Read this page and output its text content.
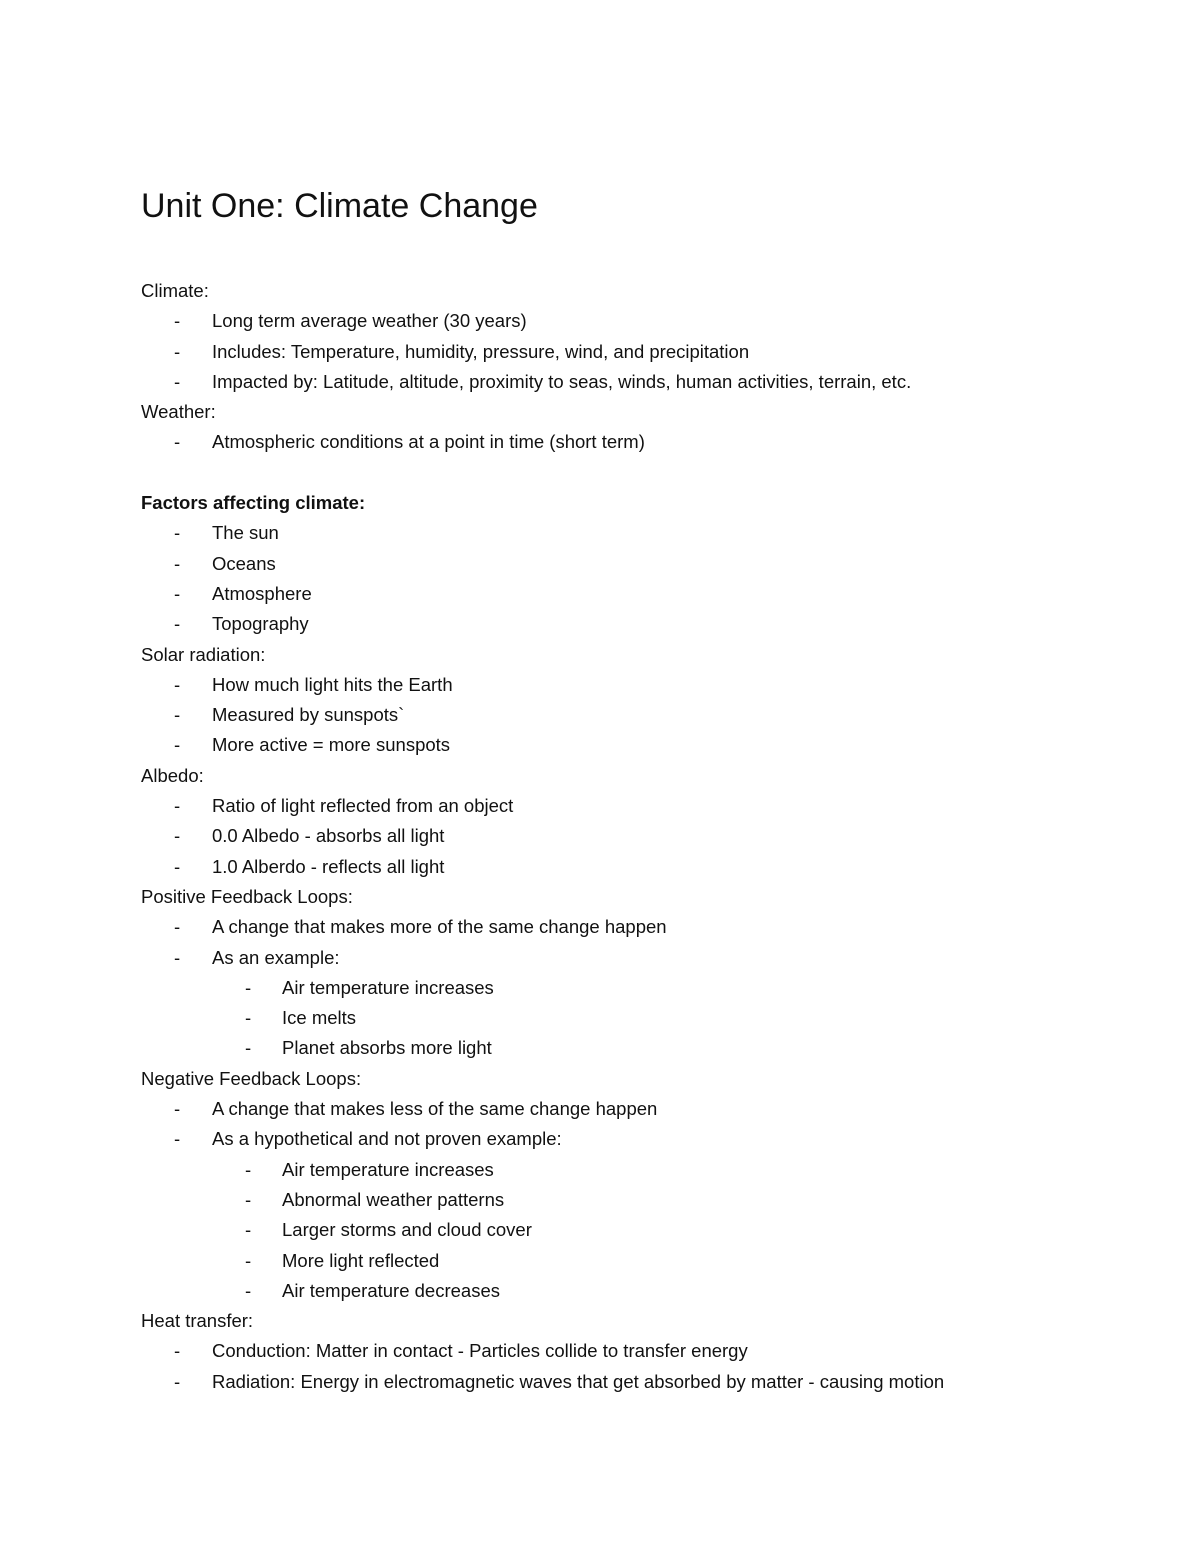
Unit One: Climate Change
Climate:
- Long term average weather (30 years)
- Includes: Temperature, humidity, pressure, wind, and precipitation
- Impacted by: Latitude, altitude, proximity to seas, winds, human activities, terrain, etc.
Weather:
- Atmospheric conditions at a point in time (short term)
Factors affecting climate:
- The sun
- Oceans
- Atmosphere
- Topography
Solar radiation:
- How much light hits the Earth
- Measured by sunspots`
- More active = more sunspots
Albedo:
- Ratio of light reflected from an object
- 0.0 Albedo - absorbs all light
- 1.0 Alberdo - reflects all light
Positive Feedback Loops:
- A change that makes more of the same change happen
- As an example:
- Air temperature increases
- Ice melts
- Planet absorbs more light
Negative Feedback Loops:
- A change that makes less of the same change happen
- As a hypothetical and not proven example:
- Air temperature increases
- Abnormal weather patterns
- Larger storms and cloud cover
- More light reflected
- Air temperature decreases
Heat transfer:
- Conduction: Matter in contact - Particles collide to transfer energy
- Radiation: Energy in electromagnetic waves that get absorbed by matter - causing motion
